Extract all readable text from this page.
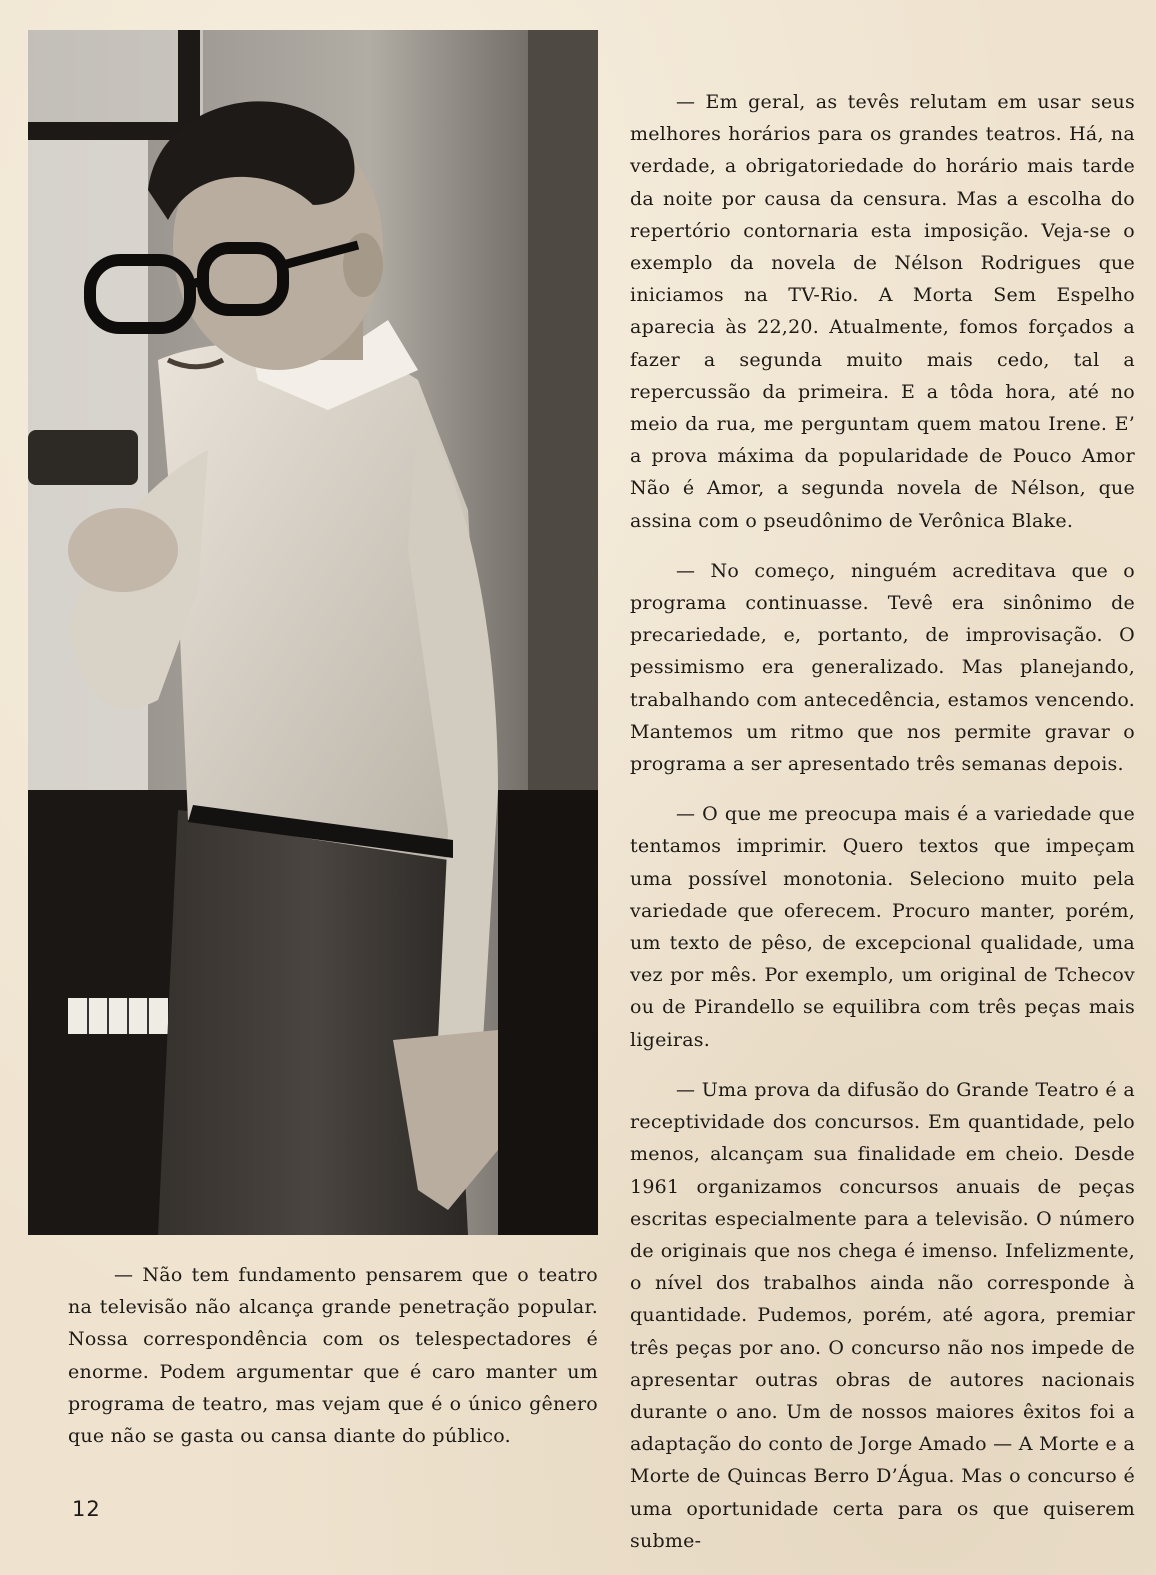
— Em geral, as tevês relutam em usar seus melhores horários para os grandes teatros. Há, na verdade, a obrigatoriedade do horário mais tarde da noite por causa da censura. Mas a escolha do repertório contornaria esta imposição. Veja-se o exemplo da novela de Nélson Rodrigues que iniciamos na TV-Rio. A Morta Sem Espelho aparecia às 22,20. Atualmente, fomos forçados a fazer a segunda muito mais cedo, tal a repercussão da primeira. E a tôda hora, até no meio da rua, me perguntam quem matou Irene. E’ a prova máxima da popularidade de Pouco Amor Não é Amor, a segunda novela de Nélson, que assina com o pseudônimo de Verônica Blake.

— No começo, ninguém acreditava que o programa continuasse. Tevê era sinônimo de precariedade, e, portanto, de improvisação. O pessimismo era generalizado. Mas planejando, trabalhando com antecedência, estamos vencendo. Mantemos um ritmo que nos permite gravar o programa a ser apresentado três semanas depois.

— O que me preocupa mais é a variedade que tentamos imprimir. Quero textos que impeçam uma possível monotonia. Seleciono muito pela variedade que oferecem. Procuro manter, porém, um texto de pêso, de excepcional qualidade, uma vez por mês. Por exemplo, um original de Tchecov ou de Pirandello se equilibra com três peças mais ligeiras.

— Uma prova da difusão do Grande Teatro é a receptividade dos concursos. Em quantidade, pelo menos, alcançam sua finalidade em cheio. Desde 1961 organizamos concursos anuais de peças escritas especialmente para a televisão. O número de originais que nos chega é imenso. Infelizmente, o nível dos trabalhos ainda não corresponde à quantidade. Pudemos, porém, até agora, premiar três peças por ano. O concurso não nos impede de apresentar outras obras de autores nacionais durante o ano. Um de nossos maiores êxitos foi a adaptação do conto de Jorge Amado — A Morte e a Morte de Quincas Berro D’Água. Mas o concurso é uma oportunidade certa para os que quiserem subme-

— Não tem fundamento pensarem que o teatro na televisão não alcança grande penetração popular. Nossa correspondência com os telespectadores é enorme. Podem argumentar que é caro manter um programa de teatro, mas vejam que é o único gênero que não se gasta ou cansa diante do público.

12
